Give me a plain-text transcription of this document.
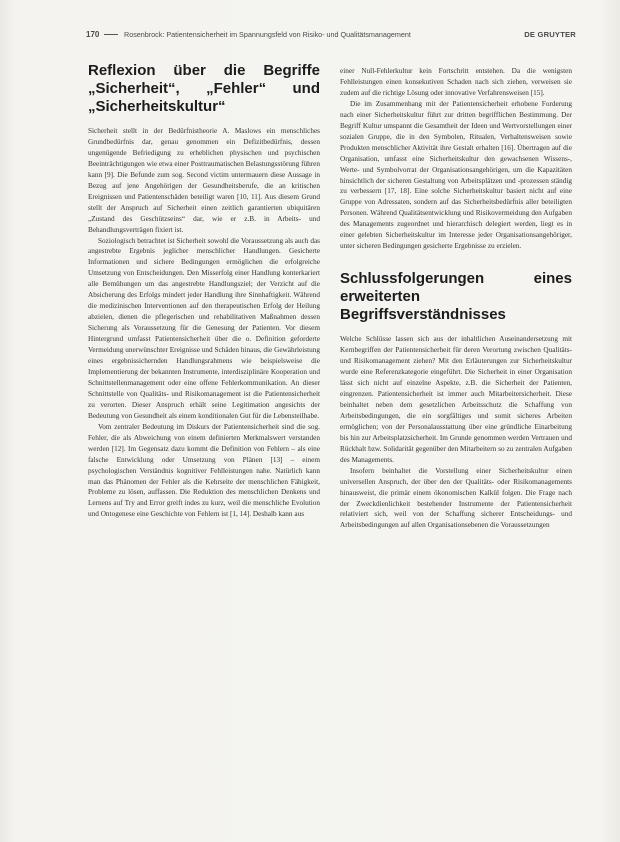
170	Rosenbrock: Patientensicherheit im Spannungsfeld von Risiko- und Qualitätsmanagement	DE GRUYTER
Reflexion über die Begriffe „Sicherheit“, „Fehler“ und „Sicherheitskultur“

Sicherheit stellt in der Bedürfnistheorie A. Maslows ein menschliches Grundbedürfnis dar, genau genommen ein Defizitbedürfnis, dessen ungenügende Befriedigung zu erheblichen physischen und psychischen Beeinträchtigungen wie etwa einer Posttraumatischen Belastungsstörung führen kann [9]. Die Befunde zum sog. Second victim untermauern diese Aussage in Bezug auf jene Angehörigen der Gesundheitsberufe, die an kritischen Ereignissen und Patientenschäden beteiligt waren [10, 11]. Aus diesem Grund stellt der Anspruch auf Sicherheit einen zeitlich garantierten ubiquitären „Zustand des Geschützseins“ dar, wie er z.B. in Arbeits- und Behandlungsverträgen fixiert ist.

Soziologisch betrachtet ist Sicherheit sowohl die Voraussetzung als auch das angestrebte Ergebnis jeglicher menschlicher Handlungen. Gesicherte Informationen und sichere Bedingungen ermöglichen die erfolgreiche Umsetzung von Entscheidungen. Den Misserfolg einer Handlung konterkariert alle Bemühungen um das angestrebte Handlungsziel; der Verzicht auf die Absicherung des Erfolgs mindert jeder Handlung ihre Sinnhaftigkeit. Während die medizinischen Interventionen auf den therapeutischen Erfolg der Heilung abzielen, dienen die pflegerischen und rehabilitativen Maßnahmen dessen Sicherung als Voraussetzung für die Genesung der Patienten. Vor diesem Hintergrund umfasst Patientensicherheit über die o. Definition geforderte Vermeidung unerwünschter Ereignisse und Schäden hinaus, die Gewährleistung eines ergebnissichernden Handlungsrahmens wie beispielsweise die Implementierung der bekannten Instrumente, interdisziplinäre Kooperation und Schnittstellenmanagement oder eine offene Fehlerkommunikation. An dieser Schnittstelle von Qualitäts- und Risikomanagement ist die Patientensicherheit zu verorten. Dieser Anspruch erhält seine Legitimation angesichts der Bedeutung von Gesundheit als einem konditionalen Gut für die Lebensteilhabe.

Vom zentraler Bedeutung im Diskurs der Patientensicherheit sind die sog. Fehler, die als Abweichung von einem definierten Merkmalswert verstanden werden [12]. Im Gegensatz dazu kommt die Definition von Fehlern – als eine falsche Entwicklung oder Umsetzung von Plänen [13] – einem psychologischen Verständnis kognitiver Fehlleistungen nahe. Natürlich kann man das Phänomen der Fehler als die Kehrseite der menschlichen Fähigkeit, Probleme zu lösen, auffassen. Die Reduktion des menschlichen Denkens und Lernens auf Try and Error greift indes zu kurz, weil die menschliche Evolution und Ontogenese eine Geschichte von Fehlern ist [1, 14]. Deshalb kann aus

einer Null-Fehlerkultur kein Fortschritt entstehen. Da die wenigsten Fehlleistungen einen konsekutiven Schaden nach sich ziehen, verweisen sie zudem auf die richtige Lösung oder innovative Verfahrensweisen [15].

Die im Zusammenhang mit der Patientensicherheit erhobene Forderung nach einer Sicherheitskultur führt zur dritten begrifflichen Bestimmung. Der Begriff Kultur umspannt die Gesamtheit der Ideen und Wertvorstellungen einer sozialen Gruppe, die in den Symbolen, Ritualen, Verhaltensweisen sowie Produkten menschlicher Aktivität ihre Gestalt erhalten [16]. Übertragen auf die Organisation, umfasst eine Sicherheitskultur den gewachsenen Wissens-, Werte- und Symbolvorrat der Organisationsangehörigen, um die Kapazitäten hinsichtlich der sicheren Gestaltung von Arbeitsplätzen und -prozessen ständig zu verbessern [17, 18]. Eine solche Sicherheitskultur basiert nicht auf eine Gruppe von Adressaten, sondern auf das Sicherheitsbedürfnis aller beteiligten Personen. Während Qualitätsentwicklung und Risikovermeidung den Aufgaben des Managements zugeordnet und hierarchisch delegiert werden, liegt es in einer gelebten Sicherheitskultur im Interesse jeder Organisationsangehöriger, unter sicheren Bedingungen gesicherte Ergebnisse zu erzielen.

Schlussfolgerungen eines erweiterten Begriffsverständnisses

Welche Schlüsse lassen sich aus der inhaltlichen Auseinandersetzung mit Kernbegriffen der Patientensicherheit für deren Verortung zwischen Qualitäts- und Risikomanagement ziehen? Mit den Erläuterungen zur Sicherheitskultur wurde eine Referenzkategorie eingeführt. Die Sicherheit in einer Organisation lässt sich nicht auf einzelne Aspekte, z.B. die Sicherheit der Patienten, eingrenzen. Patientensicherheit ist immer auch Mitarbeitersicherheit. Diese beinhaltet neben dem gesetzlichen Arbeitsschutz die Schaffung von Arbeitsbedingungen, die ein sorgfältiges und somit sicheres Arbeiten ermöglichen; von der Personalausstattung über eine gründliche Einarbeitung bis hin zur Arbeitsplatzsicherheit. Im Grunde genommen werden Vertrauen und Rückhalt bzw. Solidarität gegenüber den Mitarbeitern so zu zentralen Aufgaben des Managements.

Insofern beinhaltet die Vorstellung einer Sicherheitskultur einen universellen Anspruch, der über den der Qualitäts- oder Risikomanagements hinausweist, die primär einem ökonomischen Kalkül folgen. Die Frage nach der Zweckdienlichkeit bestehender Instrumente der Patientensicherheit relativiert sich, weil von der Schaffung sicherer Entscheidungs- und Arbeitsbedingungen auf allen Organisationsebenen die Voraussetzungen
